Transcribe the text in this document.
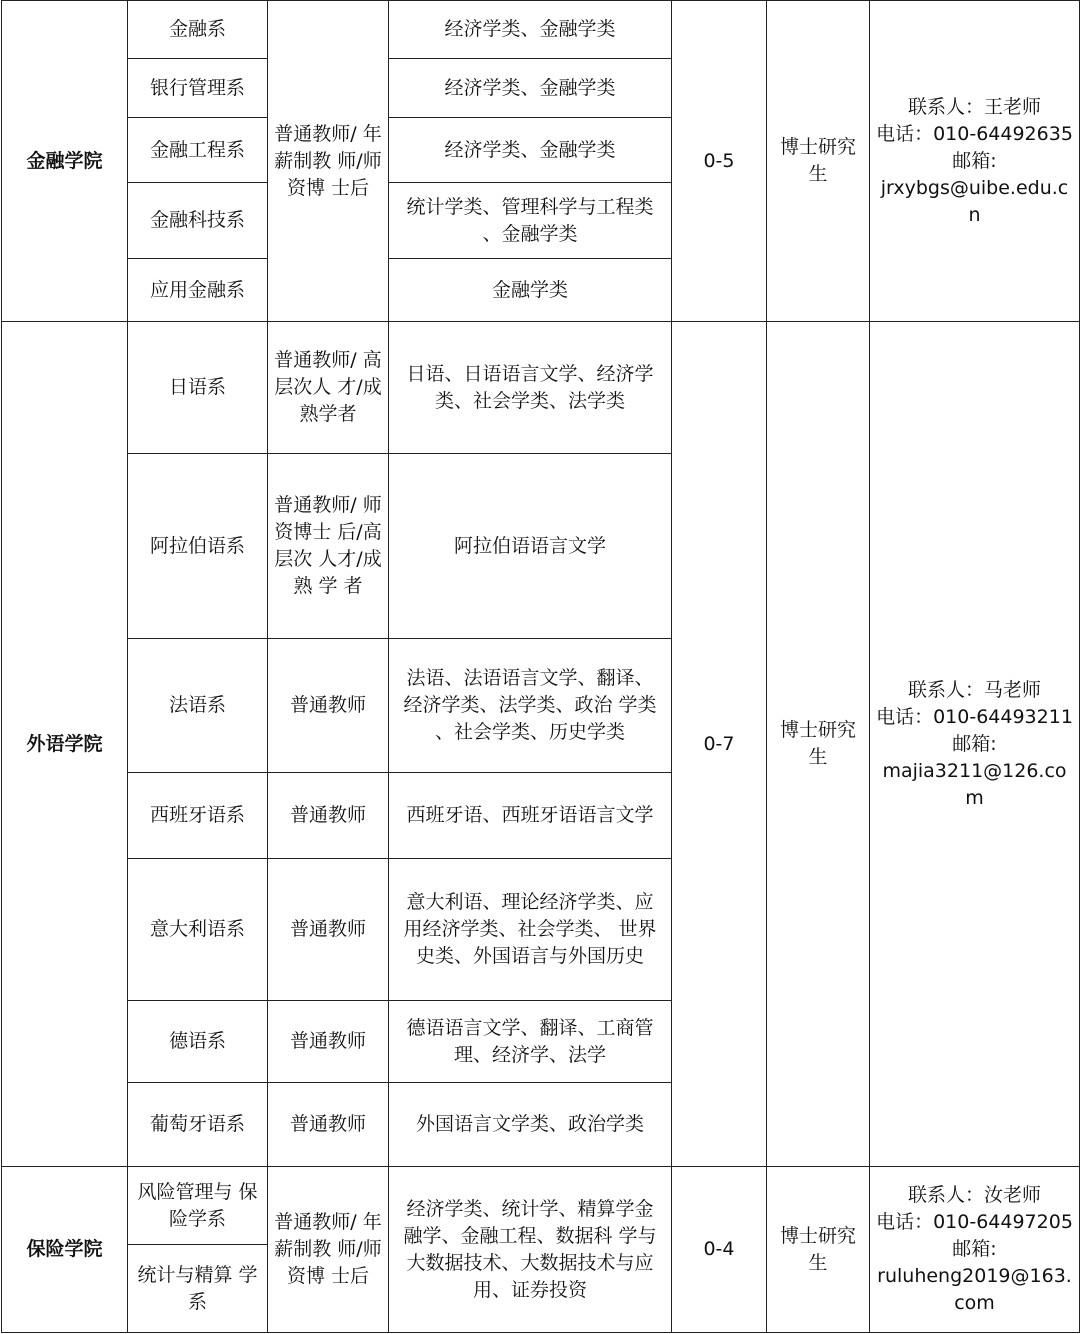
金融学院	金融系	普通教师/ 年薪制教 师/师资博 士后	经济学类、金融学类	0-5	博士研究生	联系人：王老师
电话：010-64492635
邮箱:
jrxybgs@uibe.edu.cn

	银行管理系		经济学类、金融学类			
	金融工程系		经济学类、金融学类			
	金融科技系		统计学类、管理科学与工程类 、金融学类			
	应用金融系		金融学类			
外语学院	日语系	普通教师/ 高层次人 才/成熟学者	日语、日语语言文学、经济学 类、社会学类、法学类	0-7	博士研究生	联系人：马老师
电话：010-64493211
邮箱:
majia3211@126.com

	阿拉伯语系	普通教师/ 师资博士 后/高层次 人才/成熟 学 者	阿拉伯语语言文学			
	法语系	普通教师	法语、法语语言文学、翻译、 经济学类、法学类、政治 学类 、社会学类、历史学类			
	西班牙语系	普通教师	西班牙语、西班牙语语言文学			
	意大利语系	普通教师	意大利语、理论经济学类、应 用经济学类、社会学类、 世界 史类、外国语言与外国历史			
	德语系	普通教师	德语语言文学、翻译、工商管 理、经济学、法学			
	葡萄牙语系	普通教师	外国语言文学类、政治学类			
保险学院	风险管理与 保险学系	普通教师/ 年薪制教 师/师资博 士后	经济学类、统计学、精算学金 融学、金融工程、数据科 学与 大数据技术、大数据技术与应 用、证券投资	0-4	博士研究生	联系人：汝老师
电话：010-64497205
邮箱:
ruluheng2019@163.com

	统计与精算 学系					
